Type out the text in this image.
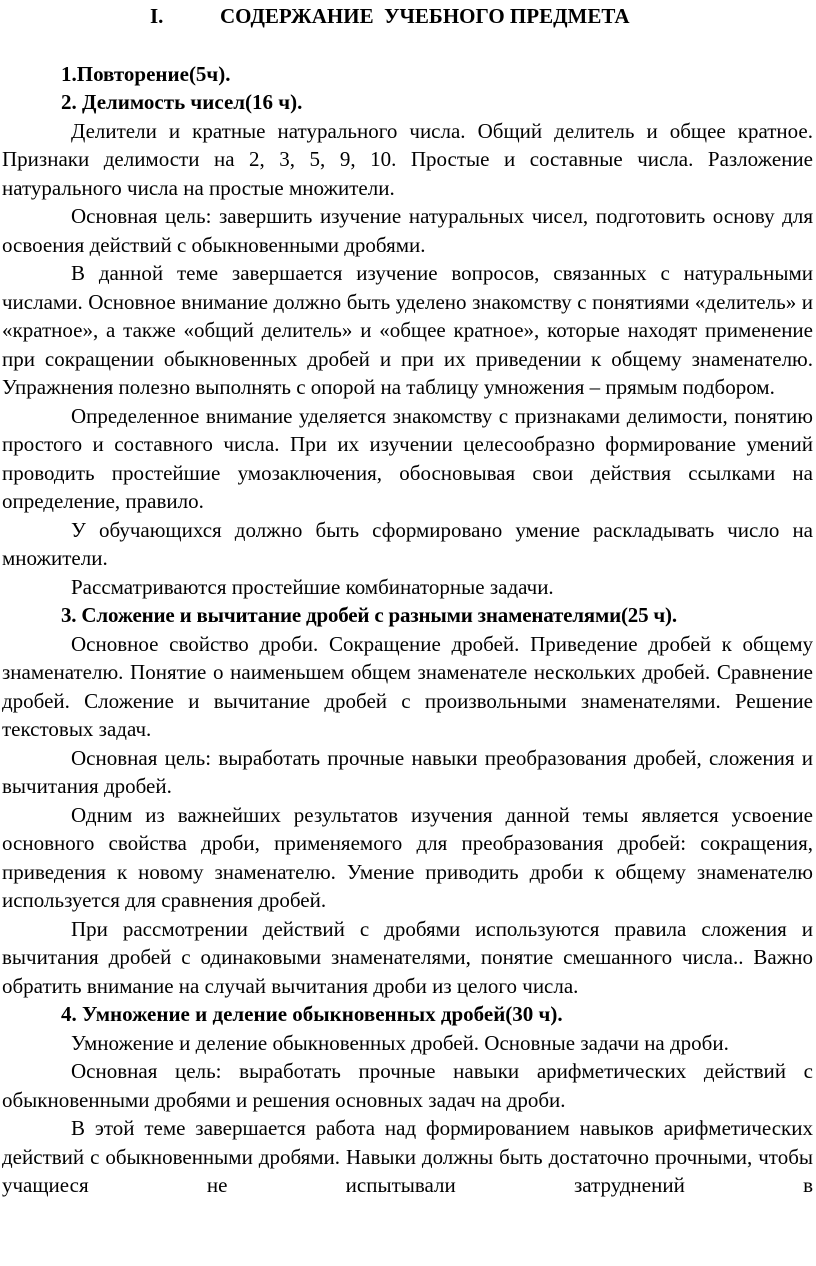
I.	СОДЕРЖАНИЕ  УЧЕБНОГО ПРЕДМЕТА
1.Повторение(5ч).
2. Делимость чисел(16 ч).

Делители и кратные натурального числа. Общий делитель и общее кратное. Признаки делимости на 2, 3, 5, 9, 10. Простые и составные числа. Разложение натурального числа на простые множители.

Основная цель: завершить изучение натуральных чисел, подготовить основу для освоения действий с обыкновенными дробями.

В данной теме завершается изучение вопросов, связанных с натуральными числами. Основное внимание должно быть уделено знакомству с понятиями «делитель» и «кратное», а также «общий делитель» и «общее кратное», которые находят применение при сокращении обыкновенных дробей и при их приведении к общему знаменателю. Упражнения полезно выполнять с опорой на таблицу умножения – прямым подбором.

Определенное внимание уделяется знакомству с признаками делимости, понятию простого и составного числа. При их изучении целесообразно формирование умений проводить простейшие умозаключения, обосновывая свои действия ссылками на определение, правило.

У обучающихся должно быть сформировано умение раскладывать число на множители.

Рассматриваются простейшие комбинаторные задачи.

3. Сложение и вычитание дробей с разными знаменателями(25 ч).

Основное свойство дроби. Сокращение дробей. Приведение дробей к общему знаменателю. Понятие о наименьшем общем знаменателе нескольких дробей. Сравнение дробей. Сложение и вычитание дробей с произвольными знаменателями. Решение текстовых задач.

Основная цель: выработать прочные навыки преобразования дробей, сложения и вычитания дробей.

Одним из важнейших результатов изучения данной темы является усвоение основного свойства дроби, применяемого для преобразования дробей: сокращения, приведения к новому знаменателю. Умение приводить дроби к общему знаменателю используется для сравнения дробей.

При рассмотрении действий с дробями используются правила сложения и вычитания дробей с одинаковыми знаменателями, понятие смешанного числа.. Важно обратить внимание на случай вычитания дроби из целого числа.

4. Умножение и деление обыкновенных дробей(30 ч).

Умножение и деление обыкновенных дробей. Основные задачи на дроби.

Основная цель: выработать прочные навыки арифметических действий с обыкновенными дробями и решения основных задач на дроби.

В этой теме завершается работа над формированием навыков арифметических действий с обыкновенными дробями. Навыки должны быть достаточно прочными, чтобы учащиеся не испытывали затруднений в
